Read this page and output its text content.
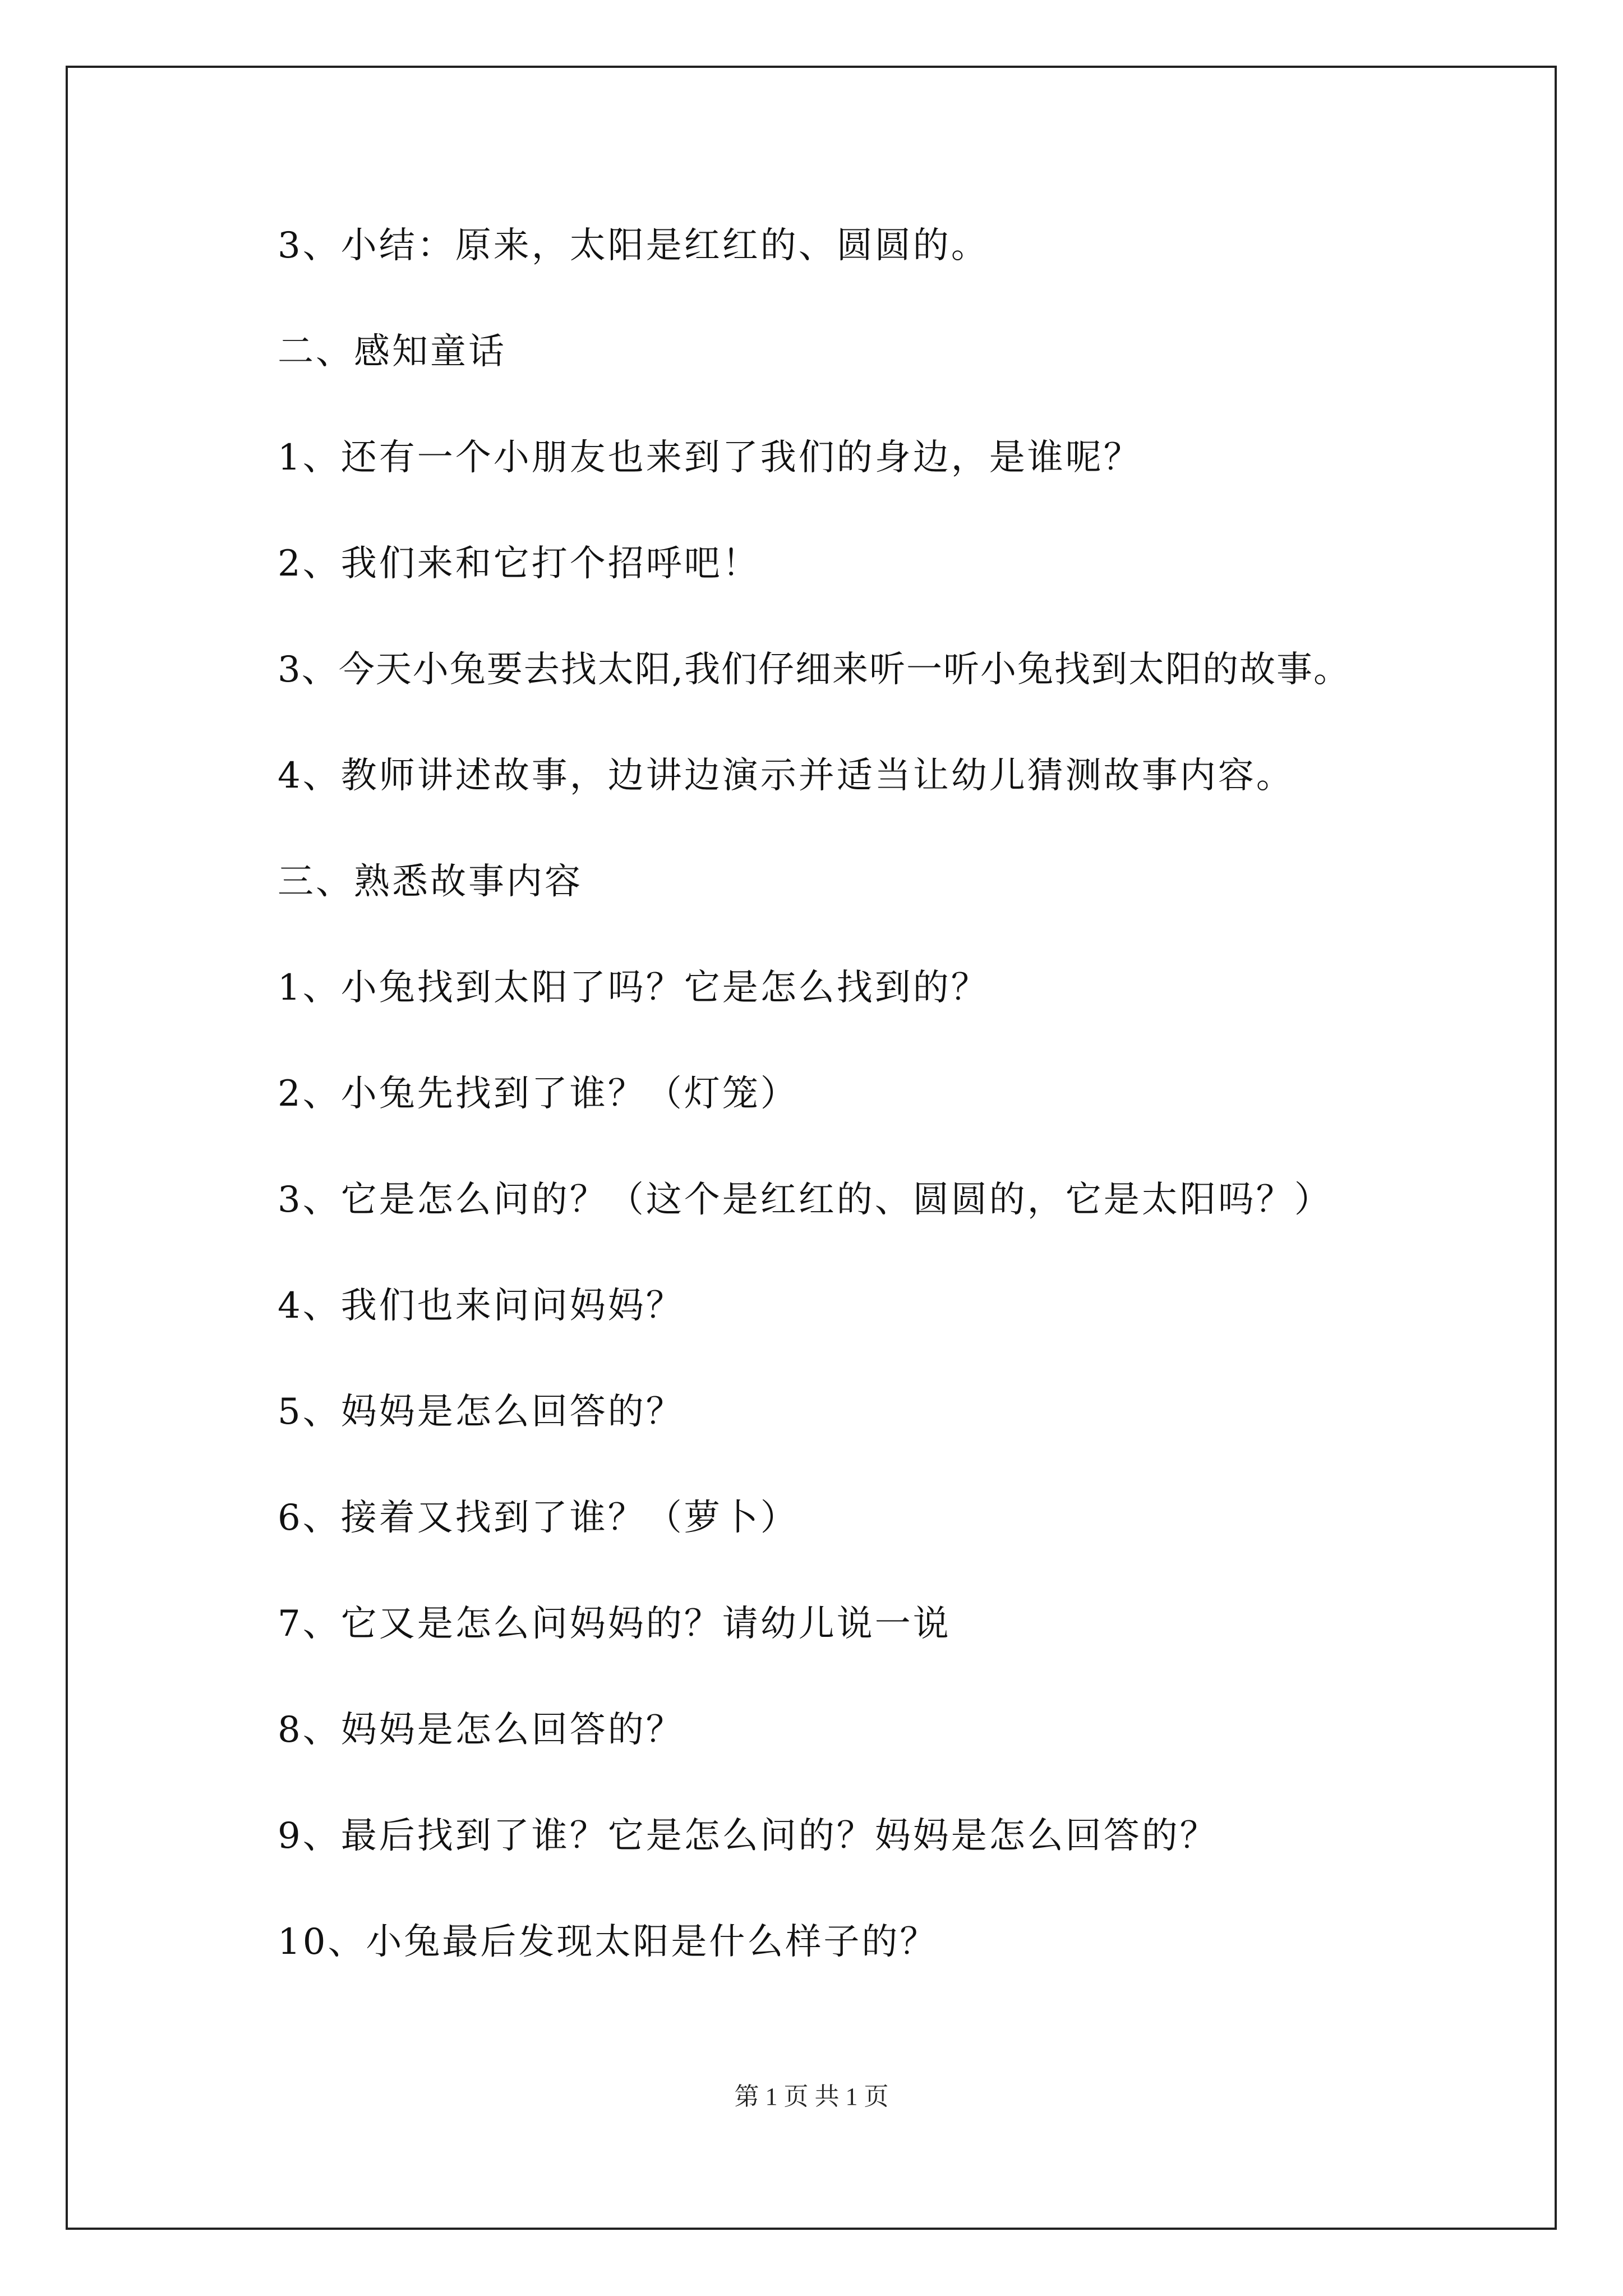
3、小结：原来，太阳是红红的、圆圆的。
二、感知童话
1、还有一个小朋友也来到了我们的身边，是谁呢？
2、我们来和它打个招呼吧！
3、今天小兔要去找太阳,我们仔细来听一听小兔找到太阳的故事。
4、教师讲述故事，边讲边演示并适当让幼儿猜测故事内容。
三、熟悉故事内容
1、小兔找到太阳了吗？它是怎么找到的？
2、小兔先找到了谁？（灯笼）
3、它是怎么问的？（这个是红红的、圆圆的，它是太阳吗？）
4、我们也来问问妈妈？
5、妈妈是怎么回答的？
6、接着又找到了谁？（萝卜）
7、它又是怎么问妈妈的？请幼儿说一说
8、妈妈是怎么回答的？
9、最后找到了谁？它是怎么问的？妈妈是怎么回答的？
10、小兔最后发现太阳是什么样子的？
第 1 页 共 1 页
